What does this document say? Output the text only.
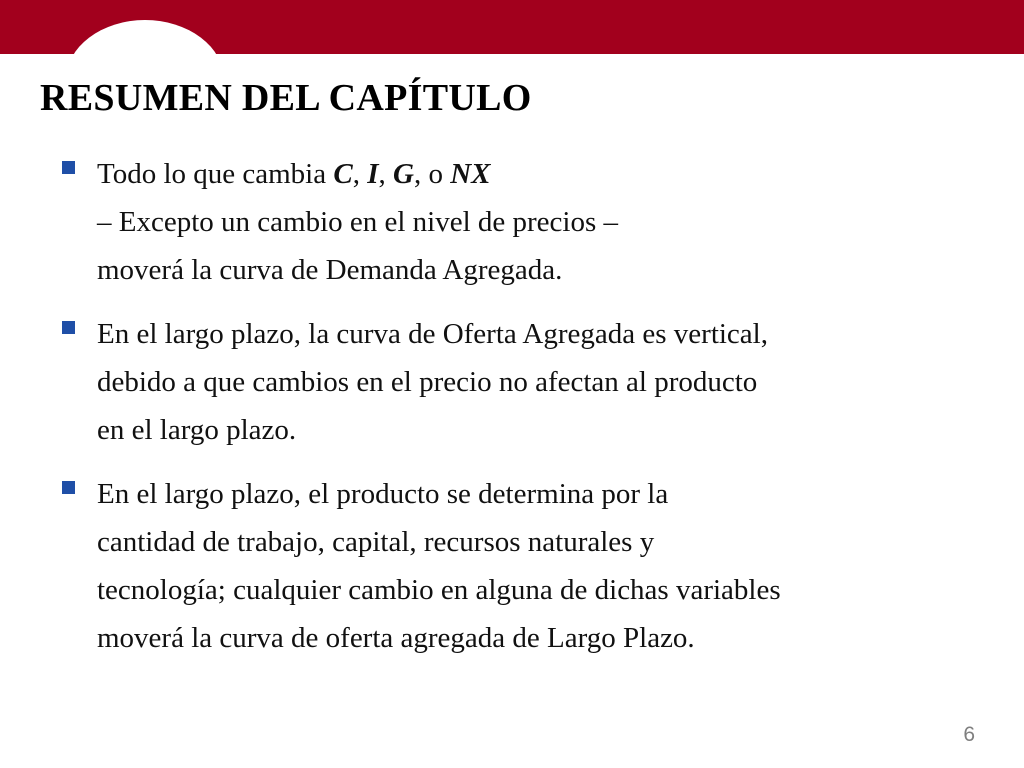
RESUMEN DEL CAPÍTULO
Todo lo que cambia C, I, G, o NX
– Excepto un cambio en el nivel de precios –
moverá la curva de Demanda Agregada.
En el largo plazo, la curva de Oferta Agregada es vertical,
debido a que cambios en el precio no afectan al producto
en el largo plazo.
En el largo plazo, el producto se determina por la
cantidad de trabajo, capital, recursos naturales y
tecnología; cualquier cambio en alguna de dichas variables
moverá la curva de oferta agregada de Largo Plazo.
6
